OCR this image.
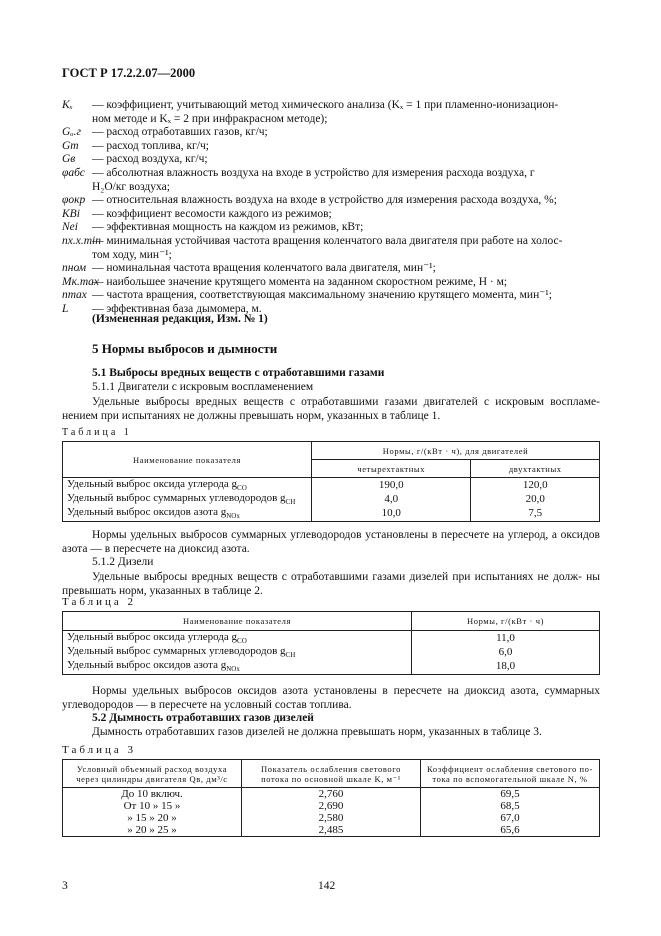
ГОСТ Р 17.2.2.07—2000
Kₓ	— коэффициент, учитывающий метод химического анализа (Kₓ = 1 при пламенно-ионизацион-
ном методе и Kₓ = 2 при инфракрасном методе);
Gₒ.г — расход отработавших газов, кг/ч;
Gт	— расход топлива, кг/ч;
Gв	— расход воздуха, кг/ч;
φабс — абсолютная влажность воздуха на входе в устройство для измерения расхода воздуха, г
H₂O/кг воздуха;
φокр — относительная влажность воздуха на входе в устройство для измерения расхода воздуха, %;
KBi	— коэффициент весомости каждого из режимов;
Nei	— эффективная мощность на каждом из режимов, кВт;
nх.х.min
— минимальная устойчивая частота вращения коленчатого вала двигателя при работе на холос-
том ходу, мин⁻¹;
nном — номинальная частота вращения коленчатого вала двигателя, мин⁻¹;
Mк.max
— наибольшее значение крутящего момента на заданном скоростном режиме, Н · м;
nmax — частота вращения, соответствующая максимальному значению крутящего момента, мин⁻¹;
L	— эффективная база дымомера, м.
(Измененная редакция, Изм. № 1)
5 Нормы выбросов и дымности
5.1 Выбросы вредных веществ с отработавшими газами
5.1.1 Двигатели с искровым воспламенением
Удельные выбросы вредных веществ с отработавшими газами двигателей с искровым воспламе- нением при испытаниях не должны превышать норм, указанных в таблице 1.
Таблица 1
Наименование показателя	Нормы, г/(кВт · ч), для двигателей	
	четырехтактных	двухтактных
Удельный выброс оксида углерода $g_{CO}$	190,0	120,0
Удельный выброс суммарных углеводородов $g_{CH}$	4,0	20,0
Удельный выброс оксидов азота $g_{NOx}$	10,0	7,5
Нормы удельных выбросов суммарных углеводородов установлены в пересчете на углерод, а оксидов азота — в пересчете на диоксид азота.
5.1.2 Дизели
Удельные выбросы вредных веществ с отработавшими газами дизелей при испытаниях не долж- ны превышать норм, указанных в таблице 2.
Таблица 2
Наименование показателя	Нормы, г/(кВт · ч)
Удельный выброс оксида углерода $g_{CO}$	11,0
Удельный выброс суммарных углеводородов $g_{CH}$	6,0
Удельный выброс оксидов азота $g_{NOx}$	18,0
Нормы удельных выбросов оксидов азота установлены в пересчете на диоксид азота, суммарных углеводородов — в пересчете на условный состав топлива.
5.2 Дымность отработавших газов дизелей
Дымность отработавших газов дизелей не должна превышать норм, указанных в таблице 3.
Таблица 3
Условный объемный расход воздуха через цилиндры двигателя Qв, дм³/с	Показатель ослабления светового потока по основной шкале K, м⁻¹	Коэффициент ослабления светового по- тока по вспомогательной шкале N, %
До 10 включ.	2,760	69,5
От 10 » 15 »	2,690	68,5
» 15 » 20 »	2,580	67,0
» 20 » 25 »	2,485	65,6
3	142
